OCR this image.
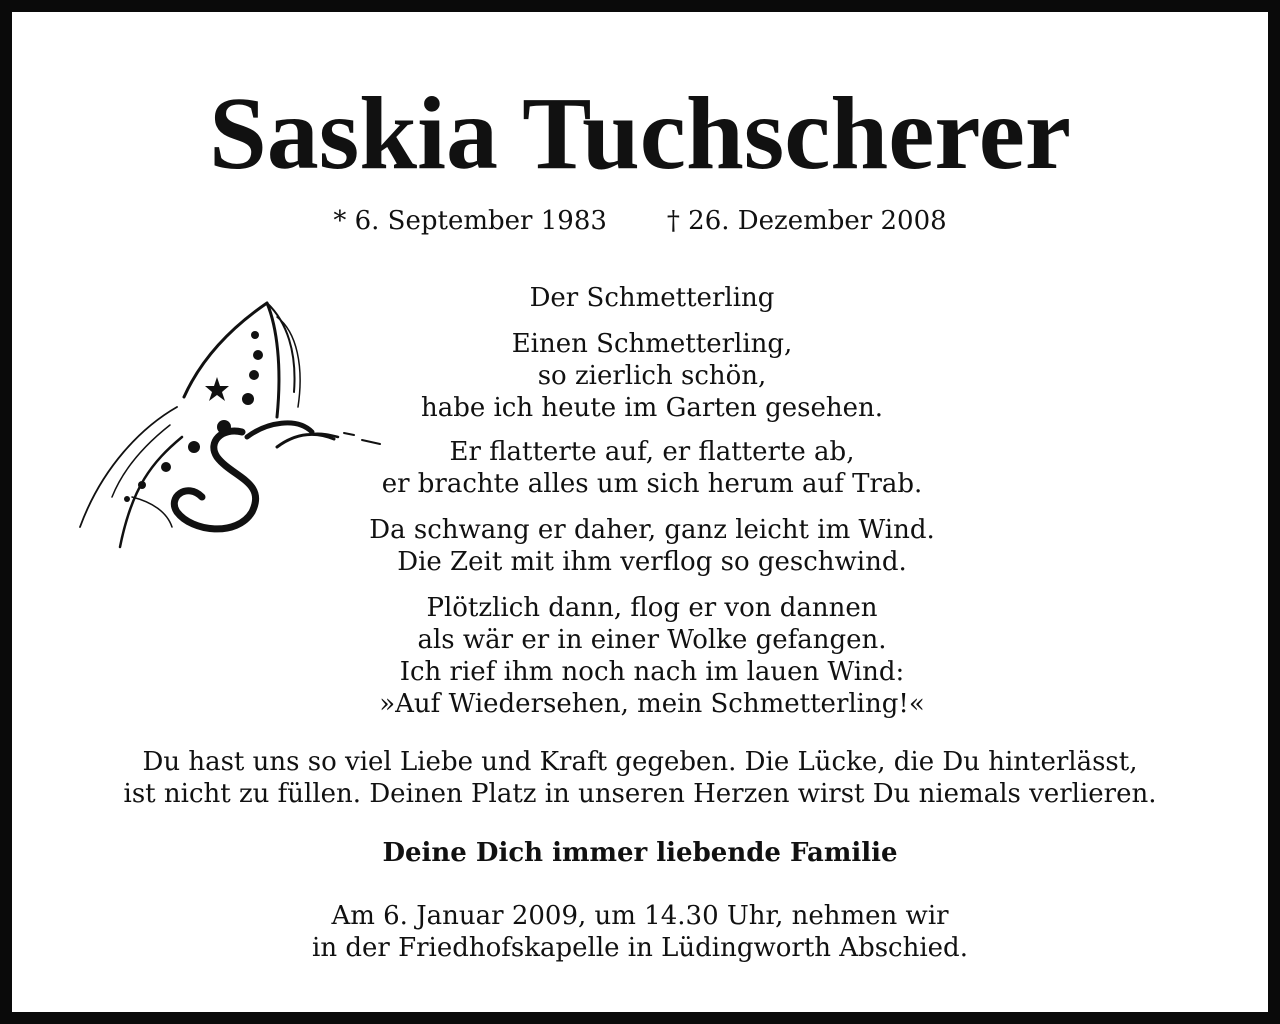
Saskia Tuchscherer
* 6. September 1983 † 26. Dezember 2008
Der Schmetterling
Einen Schmetterling,
so zierlich schön,
habe ich heute im Garten gesehen.
Er flatterte auf, er flatterte ab,
er brachte alles um sich herum auf Trab.
Da schwang er daher, ganz leicht im Wind.
Die Zeit mit ihm verflog so geschwind.
Plötzlich dann, flog er von dannen
als wär er in einer Wolke gefangen.
Ich rief ihm noch nach im lauen Wind:
»Auf Wiedersehen, mein Schmetterling!«
Du hast uns so viel Liebe und Kraft gegeben. Die Lücke, die Du hinterlässt,
ist nicht zu füllen. Deinen Platz in unseren Herzen wirst Du niemals verlieren.
Deine Dich immer liebende Familie
Am 6. Januar 2009, um 14.30 Uhr, nehmen wir
in der Friedhofskapelle in Lüdingworth Abschied.
